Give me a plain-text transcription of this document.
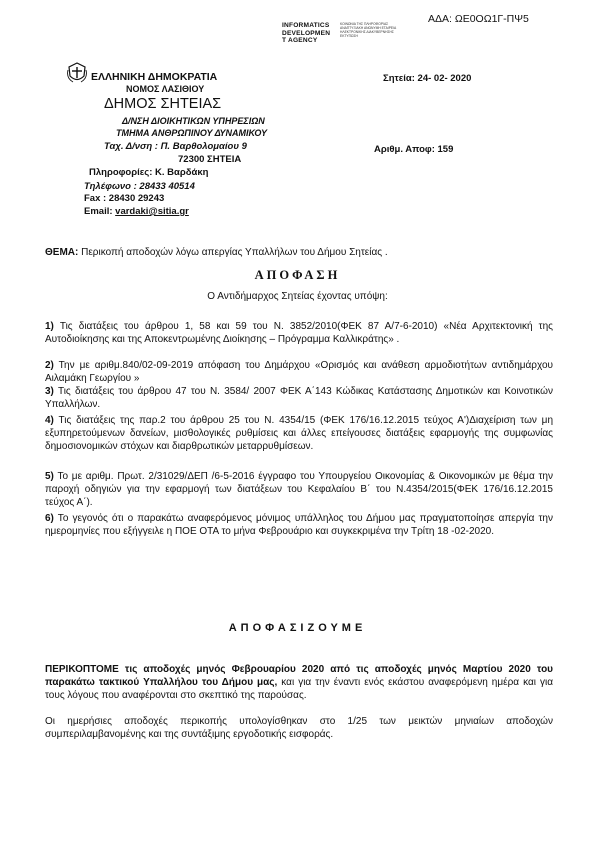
ΑΔΑ: ΩΕ0ΟΩ1Γ-ΠΨ5
INFORMATICS
DEVELOPMEN
T AGENCY
ΚΟΙΝΩΝΙΑ ΤΗΣ ΠΛΗΡΟΦΟΡΙΑΣ ΑΝΑΠΤΥΞΙΑΚΗ ΑΝΩΝΥΜΗ ΕΤΑΙΡΕΙΑ ΗΛΕΚΤΡΟΝΙΚΗΣ ΔΙΑΚΥΒΕΡΝΗΣΗΣ ΕΚΤΥΠΩΣΗ
ΕΛΛΗΝΙΚΗ ΔΗΜΟΚΡΑΤΙΑ
ΝΟΜΟΣ ΛΑΣΙΘΙΟΥ
ΔΗΜΟΣ ΣΗΤΕΙΑΣ
Δ/ΝΣΗ ΔΙΟΙΚΗΤΙΚΩΝ ΥΠΗΡΕΣΙΩΝ
ΤΜΗΜΑ ΑΝΘΡΩΠΙΝΟΥ ΔΥΝΑΜΙΚΟΥ
Ταχ. Δ/νση : Π. Βαρθολομαίου 9
72300 ΣΗΤΕΙΑ
Σητεία: 24- 02- 2020
Αριθμ. Αποφ: 159
Πληροφορίες: Κ. Βαρδάκη
Τηλέφωνο : 28433 40514
Fax : 28430 29243
Email: vardaki@sitia.gr
ΘΕΜΑ: Περικοπή αποδοχών λόγω απεργίας Υπαλλήλων του Δήμου Σητείας .
ΑΠΟΦΑΣΗ
Ο Αντιδήμαρχος Σητείας έχοντας υπόψη:
1) Τις διατάξεις του άρθρου 1, 58 και 59 του Ν. 3852/2010(ΦΕΚ 87 Α/7-6-2010) «Νέα Αρχιτεκτονική της Αυτοδιοίκησης και της Αποκεντρωμένης Διοίκησης – Πρόγραμμα Καλλικράτης» .
2) Την με αριθμ.840/02-09-2019 απόφαση του Δημάρχου «Ορισμός και ανάθεση αρμοδιοτήτων αντιδημάρχου Αιλαμάκη Γεωργίου »
3) Τις διατάξεις του άρθρου 47 του Ν. 3584/ 2007 ΦΕΚ Α΄143 Κώδικας Κατάστασης Δημοτικών και Κοινοτικών Υπαλλήλων.
4) Τις διατάξεις της παρ.2 του άρθρου 25 του Ν. 4354/15 (ΦΕΚ 176/16.12.2015 τεύχος Α')Διαχείριση των μη εξυπηρετούμενων δανείων, μισθολογικές ρυθμίσεις και άλλες επείγουσες διατάξεις εφαρμογής της συμφωνίας δημοσιονομικών στόχων και διαρθρωτικών μεταρρυθμίσεων.
5) Το με αριθμ. Πρωτ. 2/31029/ΔΕΠ /6-5-2016 έγγραφο του Υπουργείου Οικονομίας & Οικονομικών με θέμα την παροχή οδηγιών για την εφαρμογή των διατάξεων του Κεφαλαίου Β΄ του Ν.4354/2015(ΦΕΚ 176/16.12.2015 τεύχος Α΄).
6) Το γεγονός ότι ο παρακάτω αναφερόμενος μόνιμος υπάλληλος του Δήμου μας πραγματοποίησε απεργία την ημερομηνίες που εξήγγειλε η ΠΟΕ ΟΤΑ το μήνα Φεβρουάριο και συγκεκριμένα την Τρίτη 18 -02-2020.
ΑΠΟΦΑΣΙΖΟΥΜΕ
ΠΕΡΙΚΟΠΤΟΜΕ τις αποδοχές μηνός Φεβρουαρίου 2020 από τις αποδοχές μηνός Μαρτίου 2020 του παρακάτω τακτικού Υπαλλήλου του Δήμου μας, και για την έναντι ενός εκάστου αναφερόμενη ημέρα και για τους λόγους που αναφέρονται στο σκεπτικό της παρούσας.
Οι ημερήσιες αποδοχές περικοπής υπολογίσθηκαν στο 1/25 των μεικτών μηνιαίων αποδοχών συμπεριλαμβανομένης και της συντάξιμης εργοδοτικής εισφοράς.
